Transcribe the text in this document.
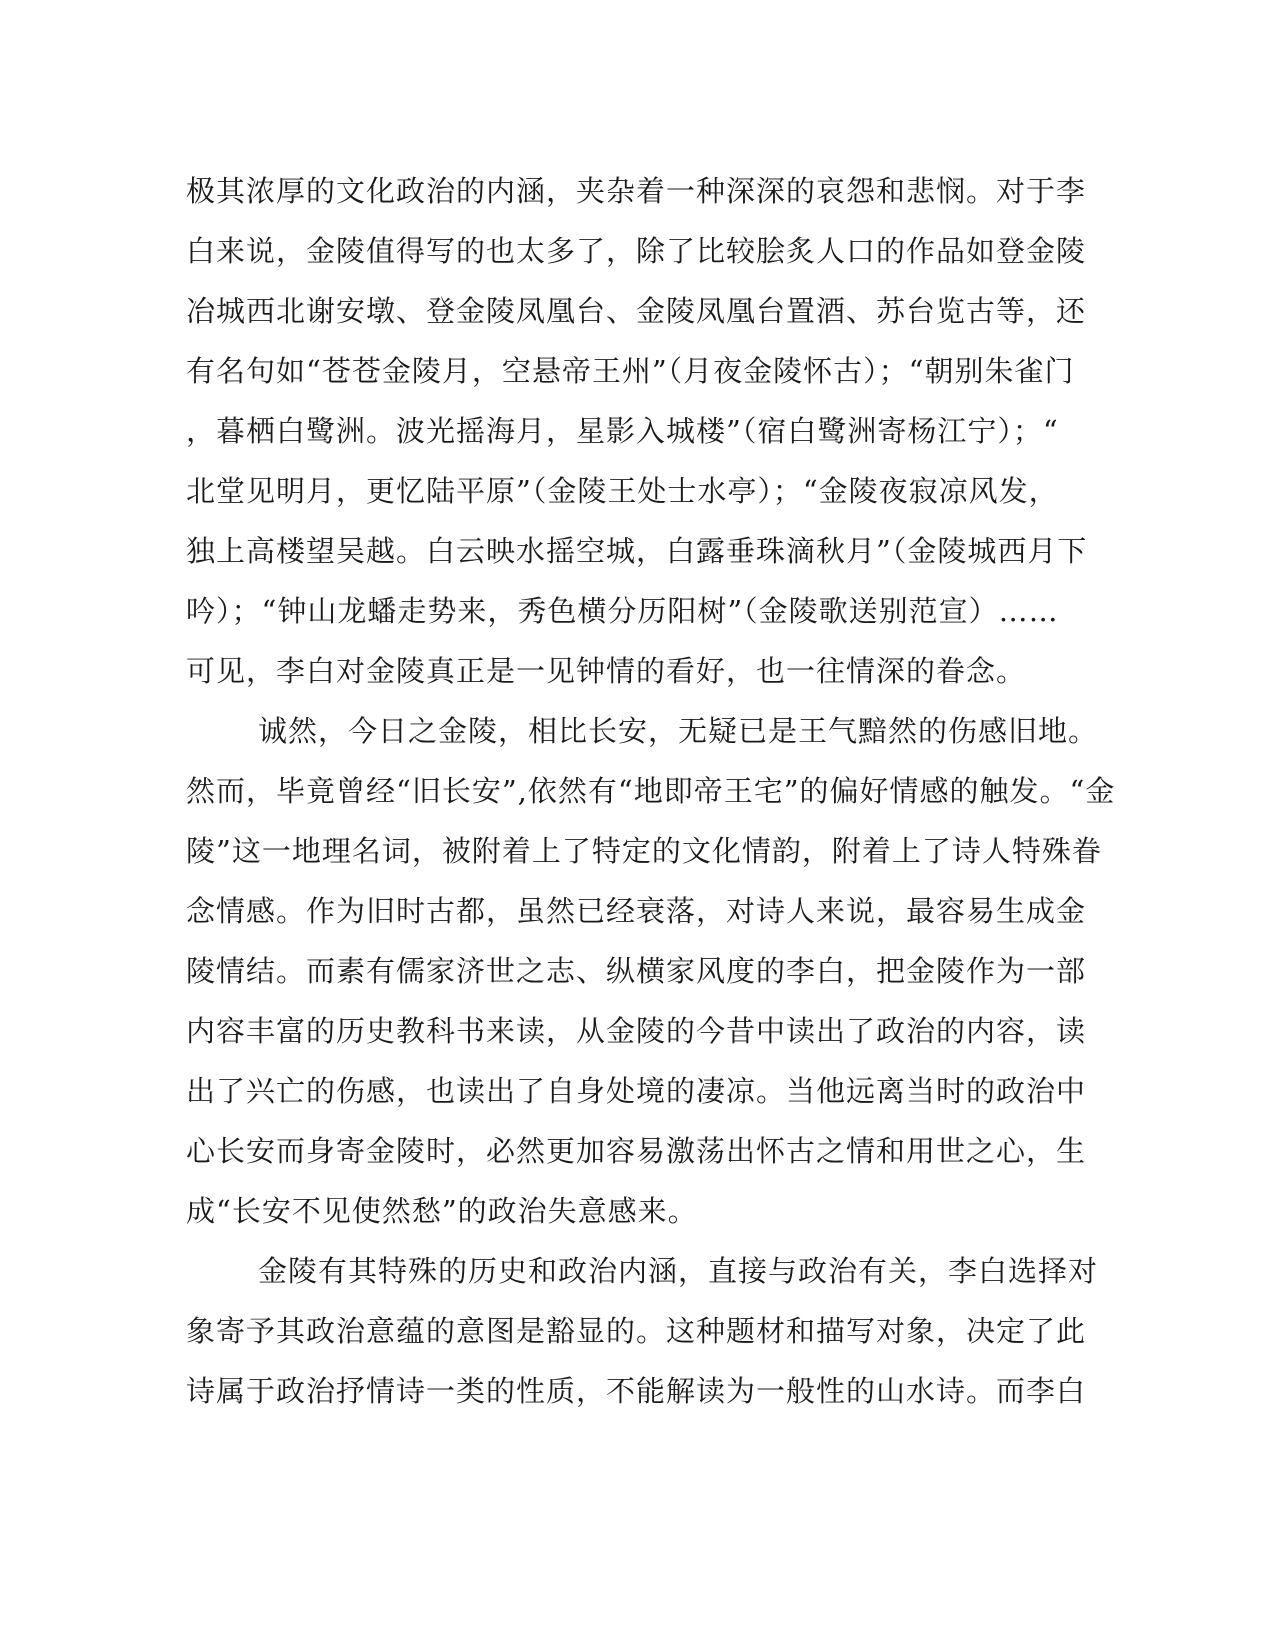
极其浓厚的文化政治的内涵，夹杂着一种深深的哀怨和悲悯。对于李
白来说，金陵值得写的也太多了，除了比较脍炙人口的作品如登金陵
冶城西北谢安墩、登金陵凤凰台、金陵凤凰台置酒、苏台览古等，还
有名句如“苍苍金陵月，空悬帝王州”（月夜金陵怀古）；“朝别朱雀门
，暮栖白鹭洲。波光摇海月，星影入城楼”（宿白鹭洲寄杨江宁）；“
北堂见明月，更忆陆平原”（金陵王处士水亭）；“金陵夜寂凉风发，
独上高楼望吴越。白云映水摇空城，白露垂珠滴秋月”（金陵城西月下
吟）；“钟山龙蟠走势来，秀色横分历阳树”（金陵歌送别范宣）……
可见，李白对金陵真正是一见钟情的看好，也一往情深的眷念。
诚然，今日之金陵，相比长安，无疑已是王气黯然的伤感旧地。
然而，毕竟曾经“旧长安”,依然有“地即帝王宅”的偏好情感的触发。“金
陵”这一地理名词，被附着上了特定的文化情韵，附着上了诗人特殊眷
念情感。作为旧时古都，虽然已经衰落，对诗人来说，最容易生成金
陵情结。而素有儒家济世之志、纵横家风度的李白，把金陵作为一部
内容丰富的历史教科书来读，从金陵的今昔中读出了政治的内容，读
出了兴亡的伤感，也读出了自身处境的凄凉。当他远离当时的政治中
心长安而身寄金陵时，必然更加容易激荡出怀古之情和用世之心，生
成“长安不见使然愁”的政治失意感来。
金陵有其特殊的历史和政治内涵，直接与政治有关，李白选择对
象寄予其政治意蕴的意图是豁显的。这种题材和描写对象，决定了此
诗属于政治抒情诗一类的性质，不能解读为一般性的山水诗。而李白
